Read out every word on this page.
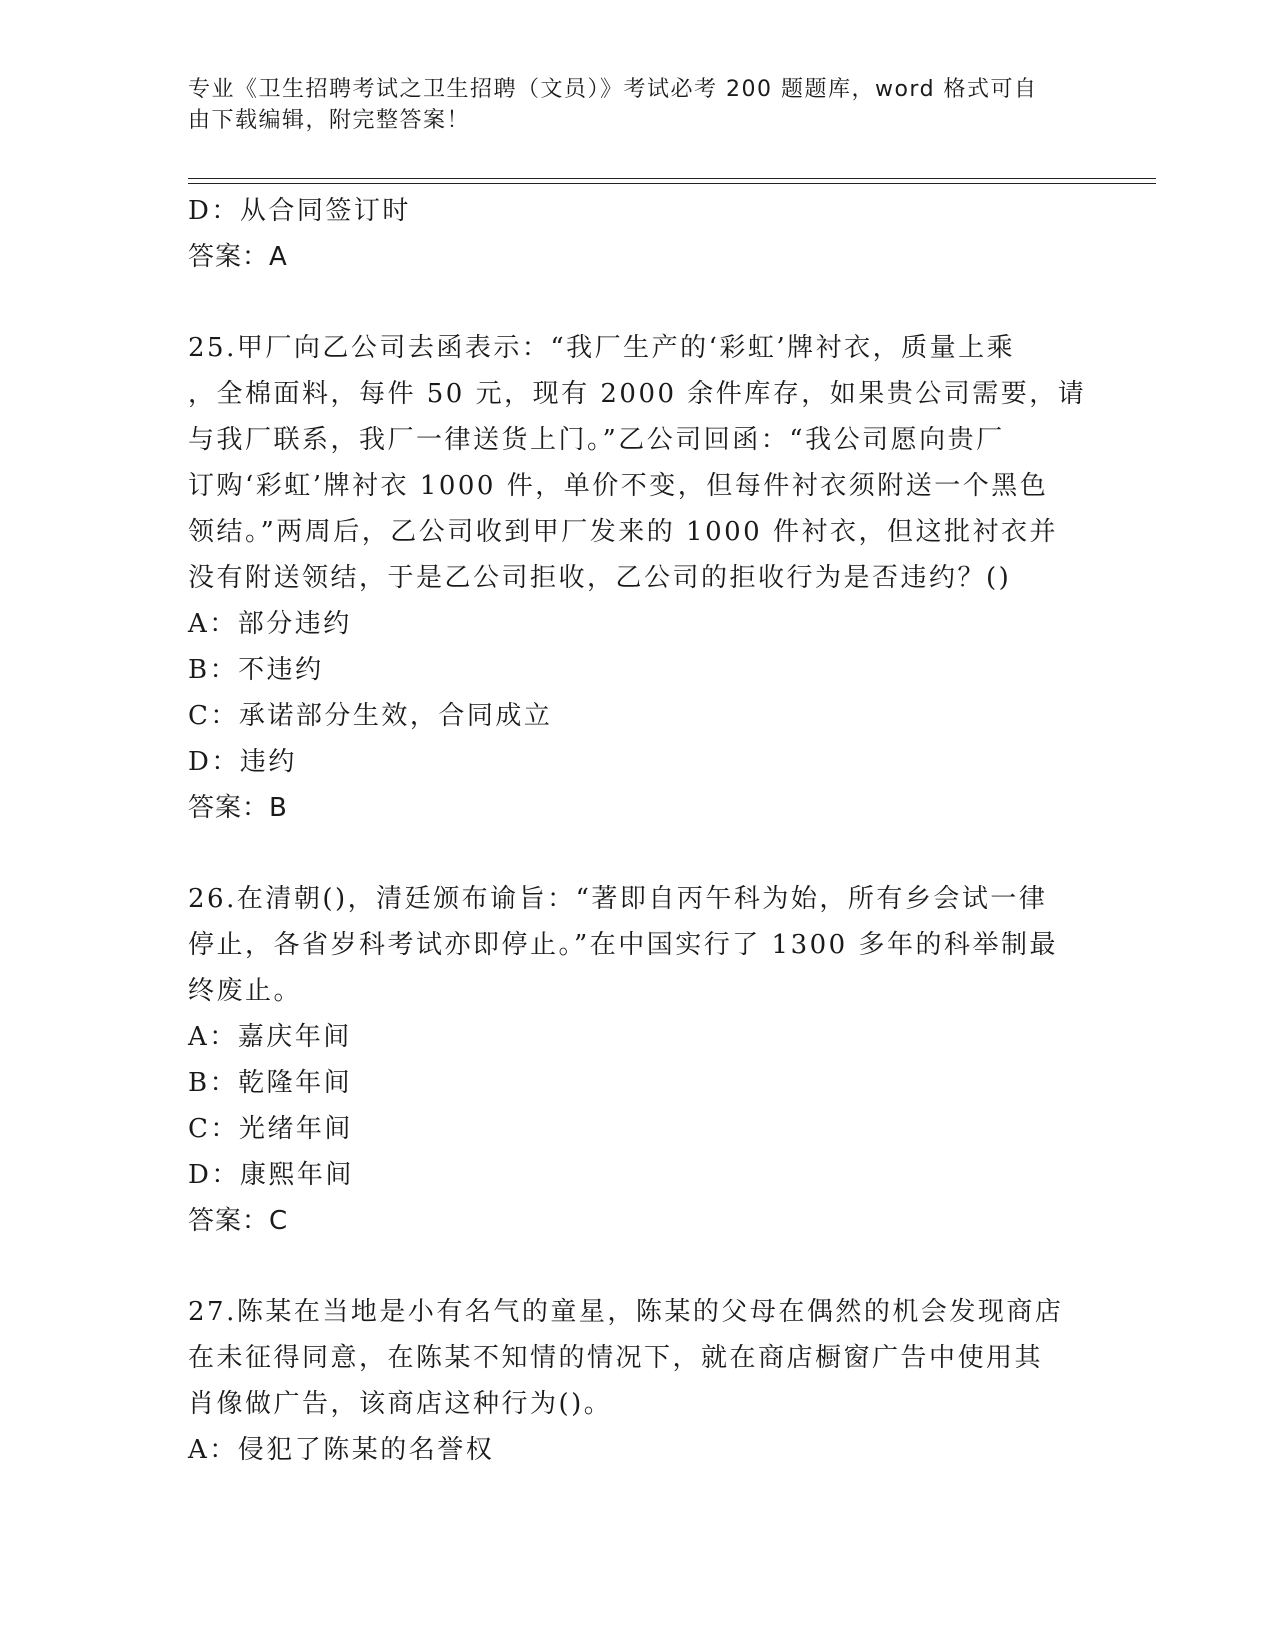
专业《卫生招聘考试之卫生招聘（文员）》考试必考 200 题题库，word 格式可自
由下载编辑，附完整答案！
D：从合同签订时
答案：A
25.甲厂向乙公司去函表示：“我厂生产的‘彩虹’牌衬衣，质量上乘
，全棉面料，每件 50 元，现有 2000 余件库存，如果贵公司需要，请
与我厂联系，我厂一律送货上门。”乙公司回函：“我公司愿向贵厂
订购‘彩虹’牌衬衣 1000 件，单价不变，但每件衬衣须附送一个黑色
领结。”两周后，乙公司收到甲厂发来的 1000 件衬衣，但这批衬衣并
没有附送领结，于是乙公司拒收，乙公司的拒收行为是否违约？()
A：部分违约
B：不违约
C：承诺部分生效，合同成立
D：违约
答案：B
26.在清朝()，清廷颁布谕旨：“著即自丙午科为始，所有乡会试一律
停止，各省岁科考试亦即停止。”在中国实行了 1300 多年的科举制最
终废止。
A：嘉庆年间
B：乾隆年间
C：光绪年间
D：康熙年间
答案：C
27.陈某在当地是小有名气的童星，陈某的父母在偶然的机会发现商店
在未征得同意，在陈某不知情的情况下，就在商店橱窗广告中使用其
肖像做广告，该商店这种行为()。
A：侵犯了陈某的名誉权
